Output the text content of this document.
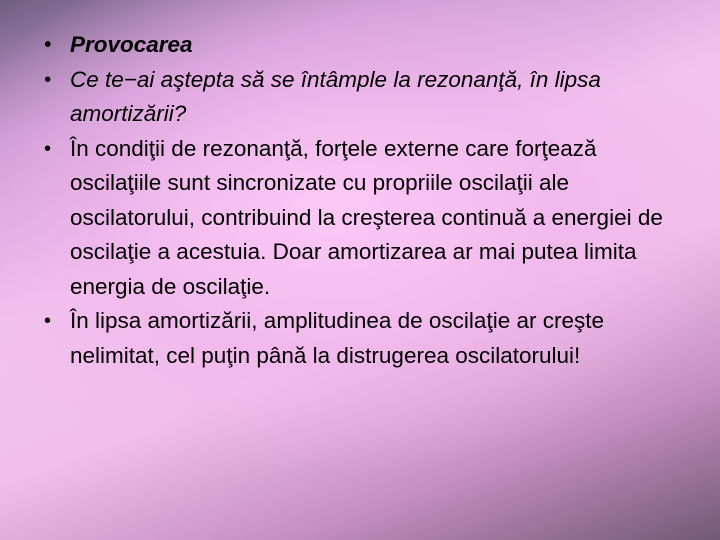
• Provocarea
• Ce te−ai aşteptа să se întâmple la rezonanţă, în lipsa amortizării?
• În condiţii de rezonanţă, forţele externe care forţează oscilaţiile sunt sincronizate cu propriile oscilaţii ale oscilatorului, contribuind la creşterea continuă a energiei de oscilaţie a acestuia. Doar amortizarea ar mai putea limita energia de oscilaţie.
• În lipsa amortizării, amplitudinea de oscilaţie ar creşte nelimitat, cel puţin până la distrugerea oscilatorului!
